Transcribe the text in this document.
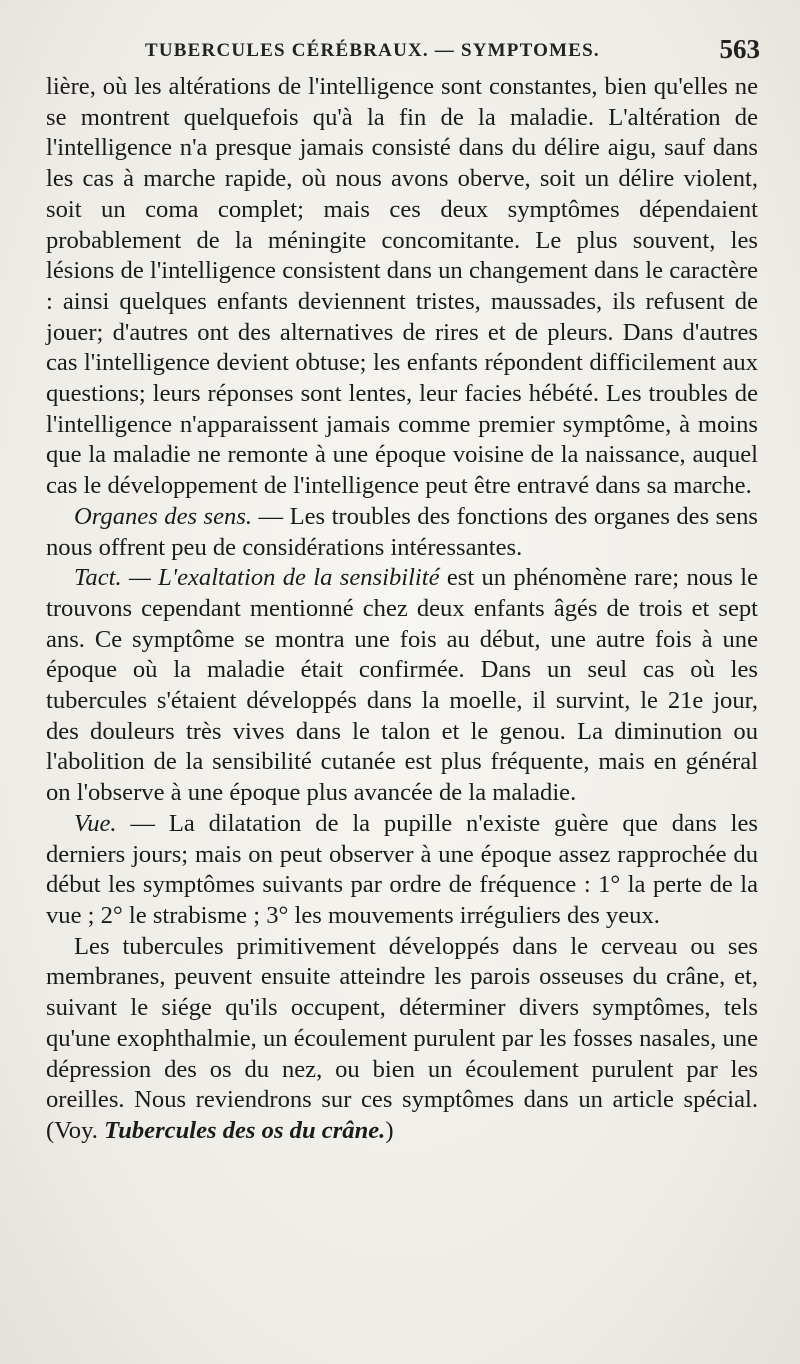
TUBERCULES CÉRÉBRAUX. — SYMPTOMES.	563

lière, où les altérations de l'intelligence sont constantes, bien qu'elles ne se montrent quelquefois qu'à la fin de la maladie. L'altération de l'intelligence n'a presque jamais consisté dans du délire aigu, sauf dans les cas à marche rapide, où nous avons oberve, soit un délire violent, soit un coma complet; mais ces deux symptômes dépendaient probablement de la méningite concomitante. Le plus souvent, les lésions de l'intelligence consistent dans un changement dans le caractère : ainsi quelques enfants deviennent tristes, maussades, ils refusent de jouer; d'autres ont des alternatives de rires et de pleurs. Dans d'autres cas l'intelligence devient obtuse; les enfants répondent difficilement aux questions; leurs réponses sont lentes, leur facies hébété. Les troubles de l'intelligence n'apparaissent jamais comme premier symptôme, à moins que la maladie ne remonte à une époque voisine de la naissance, auquel cas le développement de l'intelligence peut être entravé dans sa marche.

Organes des sens. — Les troubles des fonctions des organes des sens nous offrent peu de considérations intéressantes.

Tact. — L'exaltation de la sensibilité est un phénomène rare; nous le trouvons cependant mentionné chez deux enfants âgés de trois et sept ans. Ce symptôme se montra une fois au début, une autre fois à une époque où la maladie était confirmée. Dans un seul cas où les tubercules s'étaient développés dans la moelle, il survint, le 21e jour, des douleurs très vives dans le talon et le genou. La diminution ou l'abolition de la sensibilité cutanée est plus fréquente, mais en général on l'observe à une époque plus avancée de la maladie.

Vue. — La dilatation de la pupille n'existe guère que dans les derniers jours; mais on peut observer à une époque assez rapprochée du début les symptômes suivants par ordre de fréquence : 1° la perte de la vue ; 2° le strabisme ; 3° les mouvements irréguliers des yeux.

Les tubercules primitivement développés dans le cerveau ou ses membranes, peuvent ensuite atteindre les parois osseuses du crâne, et, suivant le siége qu'ils occupent, déterminer divers symptômes, tels qu'une exophthalmie, un écoulement purulent par les fosses nasales, une dépression des os du nez, ou bien un écoulement purulent par les oreilles. Nous reviendrons sur ces symptômes dans un article spécial. (Voy. Tubercules des os du crâne.)
